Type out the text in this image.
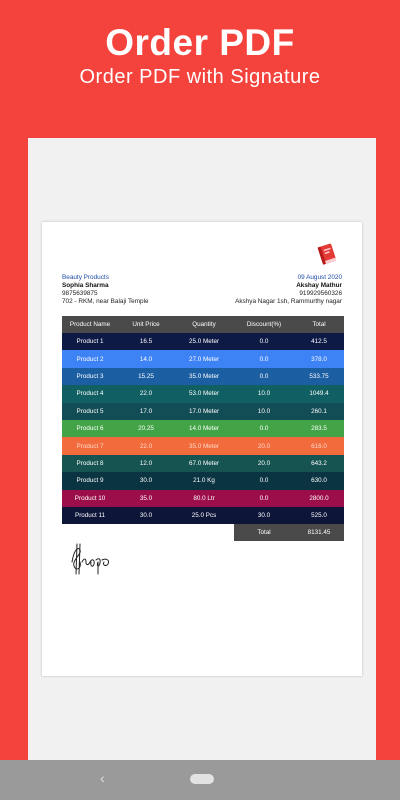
Order PDF
Order PDF with Signature
Beauty Products
Sophia Sharma
9875639875
702 - RKM, near Balaji Temple
09 August 2020
Akshay Mathur
919929560326
Akshya Nagar 1sh, Rammurthy nagar
Product Name	Unit Price	Quantity	Discount(%)	Total
Product 1	16.5	25.0 Meter	0.0	412.5
Product 2	14.0	27.0 Meter	0.0	378.0
Product 3	15.25	35.0 Meter	0.0	533.75
Product 4	22.0	53.0 Meter	10.0	1049.4
Product 5	17.0	17.0 Meter	10.0	260.1
Product 6	20.25	14.0 Meter	0.0	283.5
Product 7	22.0	35.0 Meter	20.0	616.0
Product 8	12.0	67.0 Meter	20.0	643.2
Product 9	30.0	21.0 Kg	0.0	630.0
Product 10	35.0	80.0 Ltr	0.0	2800.0
Product 11	30.0	25.0 Pcs	30.0	525.0
Total	8131.45
‹
